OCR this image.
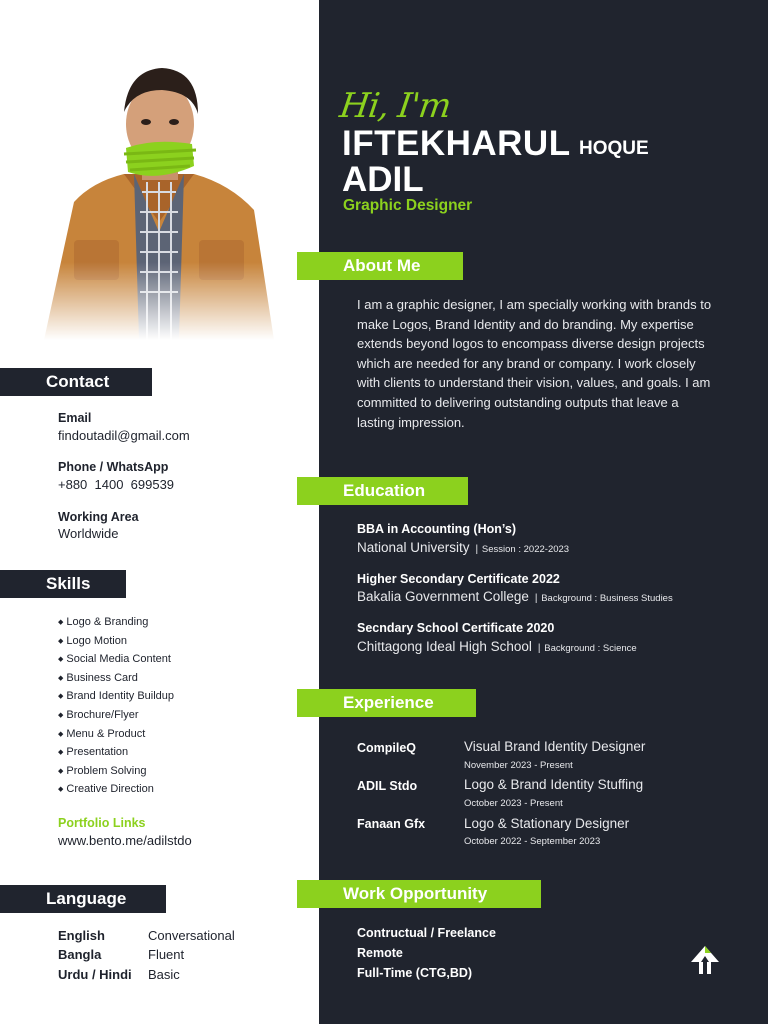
Contact
Email
findoutadil@gmail.com
Phone / WhatsApp
+880  1400  699539
Working Area
Worldwide
Skills
◆ Logo & Branding
◆ Logo Motion
◆ Social Media Content
◆ Business Card
◆ Brand Identity Buildup
◆ Brochure/Flyer
◆ Menu & Product
◆ Presentation
◆ Problem Solving
◆ Creative Direction
Portfolio Links
www.bento.me/adilstdo
Language
English	Conversational
Bangla	Fluent
Urdu / Hindi Basic
Hi, I'm
IFTEKHARUL HOQUE
ADIL
Graphic Designer
About Me
I am a graphic designer, I am specially working with brands to make Logos, Brand Identity and do branding. My expertise extends beyond logos to encompass diverse design projects which are needed for any brand or company. I work closely with clients to understand their vision, values, and goals. I am committed to delivering outstanding outputs that leave a lasting impression.
Education
BBA in Accounting (Hon’s)
National University | Session : 2022-2023
Higher Secondary Certificate 2022
Bakalia Government College | Background : Business Studies
Secndary School Certificate 2020
Chittagong Ideal High School | Background : Science
Experience
CompileQ	Visual Brand Identity Designer
November 2023 - Present
ADIL Stdo	Logo & Brand Identity Stuffing
October 2023 - Present
Fanaan Gfx	Logo & Stationary Designer
October 2022 - September 2023
Work Opportunity
Contructual / Freelance
Remote
Full-Time (CTG,BD)
